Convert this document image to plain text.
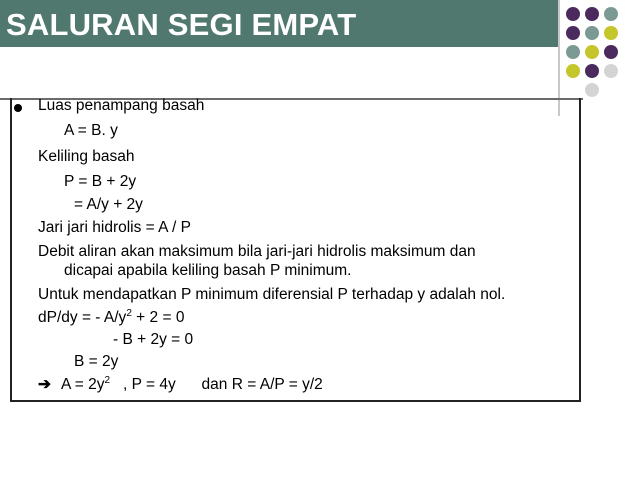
SALURAN SEGI EMPAT
Luas penampang basah
A = B. y
Keliling basah
P = B + 2y
= A/y + 2y
Jari jari hidrolis = A / P
Debit aliran akan maksimum bila jari-jari hidrolis maksimum dan
dicapai apabila keliling basah P minimum.
Untuk mendapatkan P minimum diferensial P terhadap y adalah nol.
dP/dy = - $A/y^2 + 2 = 0$
- B + 2y = 0
B = 2y
➔ $A = 2y^2$   , P = 4y      dan R = A/P = y/2
